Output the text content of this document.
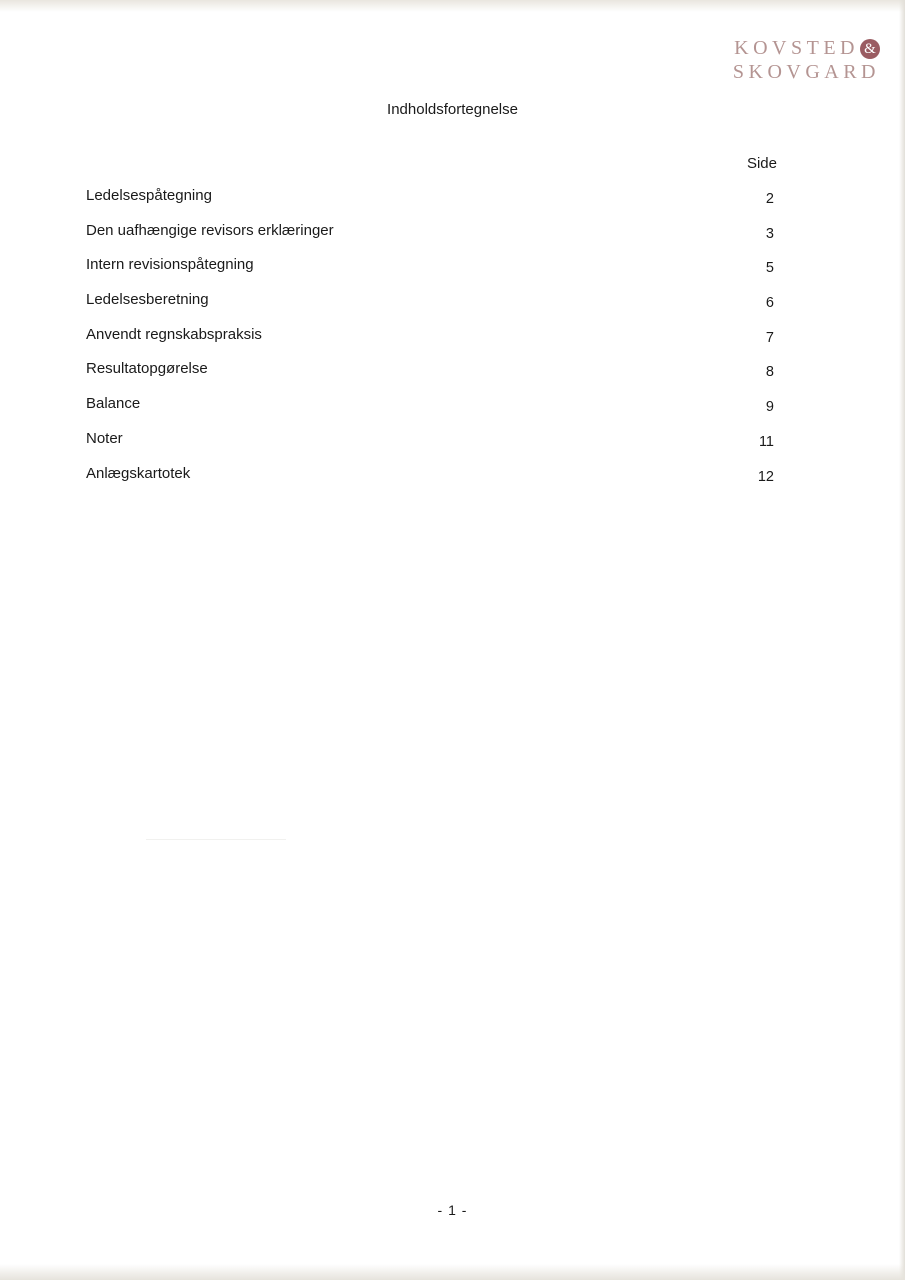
KOVSTED &
SKOVGARD
Indholdsfortegnelse
Side
Ledelsespåtegning	2
Den uafhængige revisors erklæringer	3
Intern revisionspåtegning	5
Ledelsesberetning	6
Anvendt regnskabspraksis	7
Resultatopgørelse	8
Balance	9
Noter	11
Anlægskartotek	12
- 1 -
